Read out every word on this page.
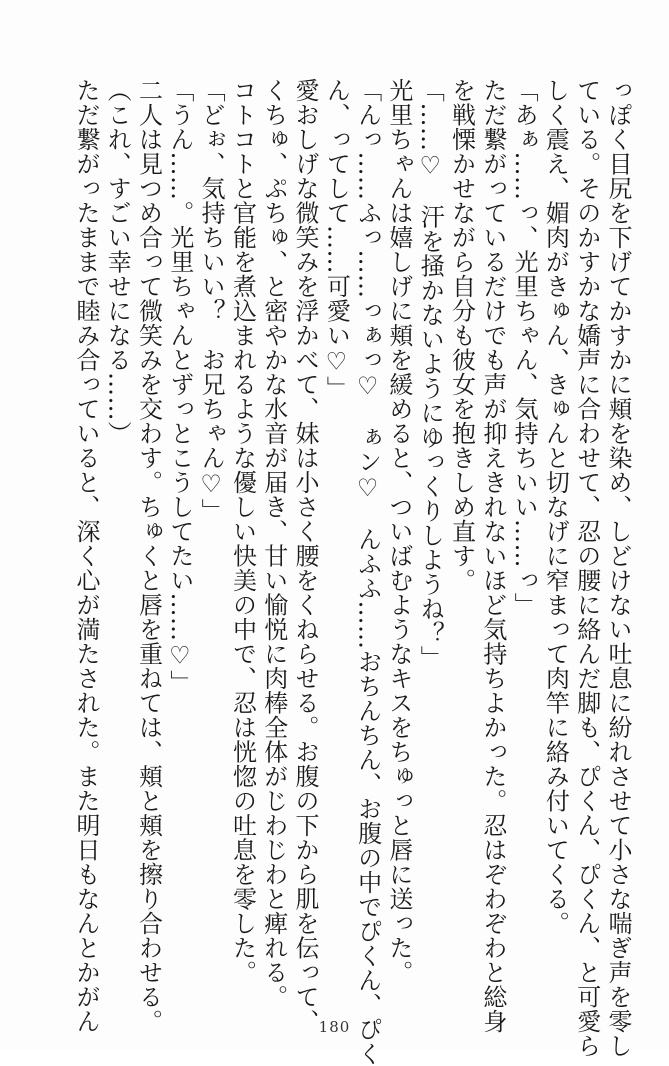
っぽく目尻を下げてかすかに頬を染め、しどけない吐息に紛れさせて小さな喘ぎ声を零し
ている。そのかすかな嬌声に合わせて、忍の腰に絡んだ脚も、ぴくん、ぴくん、と可愛ら
しく震え、媚肉がきゅん、きゅんと切なげに窄まって肉竿に絡み付いてくる。
「あぁ……っ、光里ちゃん、気持ちいい……っ」
ただ繋がっているだけでも声が抑えきれないほど気持ちよかった。忍はぞわぞわと総身
を戦慄かせながら自分も彼女を抱きしめ直す。
「……♡　汗を掻かないようにゆっくりしようね？」
光里ちゃんは嬉しげに頬を緩めると、ついばむようなキスをちゅっと唇に送った。
「んっ……ふっ……っぁっ♡　ぁン♡　んふふ……おちんちん、お腹の中でぴくん、ぴく
ん、ってして……可愛い♡」
愛おしげな微笑みを浮かべて、妹は小さく腰をくねらせる。お腹の下から肌を伝って、
くちゅ、ぷちゅ、と密やかな水音が届き、甘い愉悦に肉棒全体がじわじわと痺れる。
コトコトと官能を煮込まれるような優しい快美の中で、忍は恍惚の吐息を零した。
「どぉ、気持ちいい？　お兄ちゃん♡」
「うん……。光里ちゃんとずっとこうしてたい……♡」
二人は見つめ合って微笑みを交わす。ちゅくと唇を重ねては、頬と頬を擦り合わせる。
（これ、すごい幸せになる……）
ただ繋がったままで睦み合っていると、深く心が満たされた。また明日もなんとかがん	180
